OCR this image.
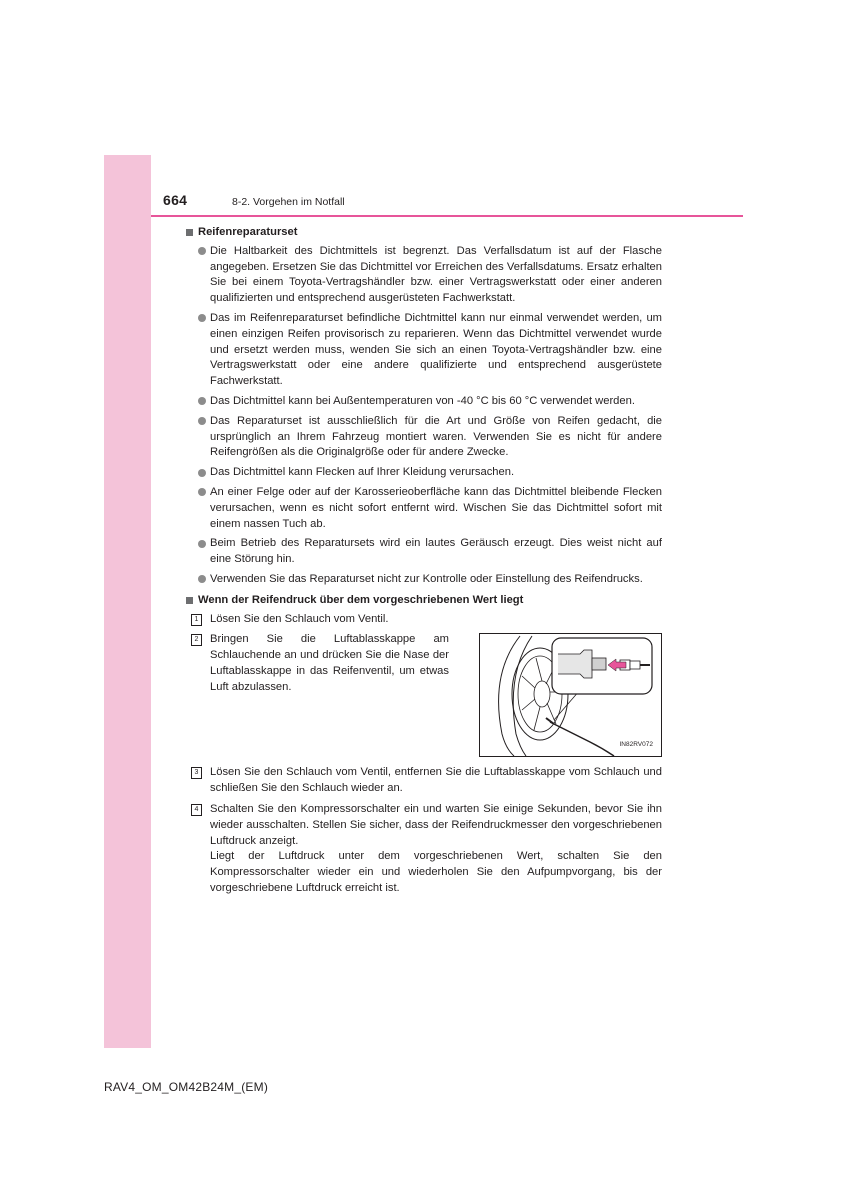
664	8-2. Vorgehen im Notfall
Reifenreparaturset
Die Haltbarkeit des Dichtmittels ist begrenzt. Das Verfallsdatum ist auf der Flasche angegeben. Ersetzen Sie das Dichtmittel vor Erreichen des Verfallsdatums. Ersatz erhalten Sie bei einem Toyota-Vertragshändler bzw. einer Vertragswerkstatt oder einer anderen qualifizierten und entsprechend ausgerüsteten Fachwerkstatt.
Das im Reifenreparaturset befindliche Dichtmittel kann nur einmal verwendet werden, um einen einzigen Reifen provisorisch zu reparieren. Wenn das Dichtmittel verwendet wurde und ersetzt werden muss, wenden Sie sich an einen Toyota-Vertragshändler bzw. eine Vertragswerkstatt oder eine andere qualifizierte und entsprechend ausgerüstete Fachwerkstatt.
Das Dichtmittel kann bei Außentemperaturen von -40 °C bis 60 °C verwendet werden.
Das Reparaturset ist ausschließlich für die Art und Größe von Reifen gedacht, die ursprünglich an Ihrem Fahrzeug montiert waren. Verwenden Sie es nicht für andere Reifengrößen als die Originalgröße oder für andere Zwecke.
Das Dichtmittel kann Flecken auf Ihrer Kleidung verursachen.
An einer Felge oder auf der Karosserieoberfläche kann das Dichtmittel bleibende Flecken verursachen, wenn es nicht sofort entfernt wird. Wischen Sie das Dichtmittel sofort mit einem nassen Tuch ab.
Beim Betrieb des Reparatursets wird ein lautes Geräusch erzeugt. Dies weist nicht auf eine Störung hin.
Verwenden Sie das Reparaturset nicht zur Kontrolle oder Einstellung des Reifendrucks.
Wenn der Reifendruck über dem vorgeschriebenen Wert liegt
1	Lösen Sie den Schlauch vom Ventil.
2	Bringen Sie die Luftablasskappe am Schlauchende an und drücken Sie die Nase der Luftablasskappe in das Reifenventil, um etwas Luft abzulassen.
IN82RV072
3	Lösen Sie den Schlauch vom Ventil, entfernen Sie die Luftablasskappe vom Schlauch und schließen Sie den Schlauch wieder an.
4	Schalten Sie den Kompressorschalter ein und warten Sie einige Sekunden, bevor Sie ihn wieder ausschalten. Stellen Sie sicher, dass der Reifendruckmesser den vorgeschriebenen Luftdruck anzeigt.
Liegt der Luftdruck unter dem vorgeschriebenen Wert, schalten Sie den Kompressorschalter wieder ein und wiederholen Sie den Aufpumpvorgang, bis der vorgeschriebene Luftdruck erreicht ist.
RAV4_OM_OM42B24M_(EM)
